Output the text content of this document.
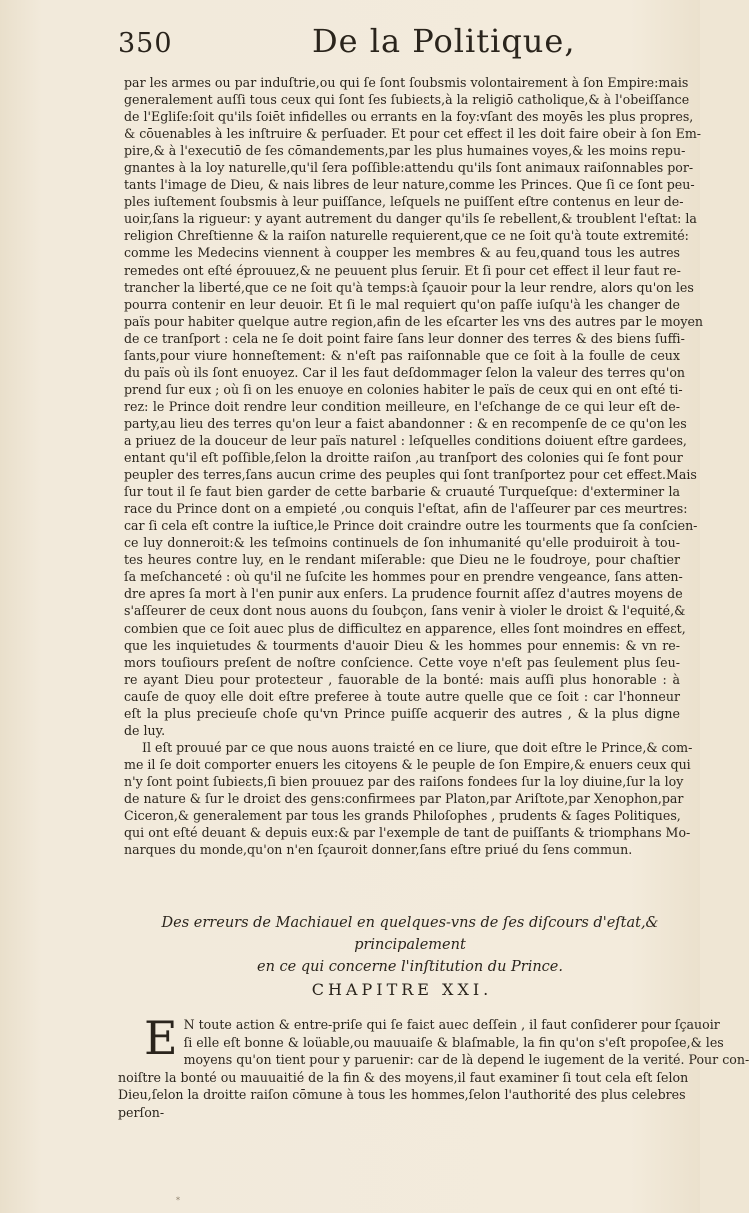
350	De la Politique,
par les armes ou par induſtrie,ou qui ſe ſont ſoubsmis volontairement à ſon Empire:mais
generalement auſſi tous ceux qui ſont ſes ſubieɛts,à la religiō catholique,& à l'obeiſſance
de l'Egliſe:ſoit qu'ils ſoiēt infidelles ou errants en la foy:vſant des moyēs les plus propres,
& cōuenables à les inſtruire & perſuader. Et pour cet effeɛt il les doit faire obeir à ſon Em-
pire,& à l'executiō de ſes cōmandements,par les plus humaines voyes,& les moins repu-
gnantes à la loy naturelle,qu'il ſera poſſible:attendu qu'ils ſont animaux raiſonnables por-
tants l'image de Dieu, & nais libres de leur nature,comme les Princes. Que ſi ce ſont peu-
ples iuſtement ſoubsmis à leur puiſſance, leſquels ne puiſſent eſtre contenus en leur de-
uoir,ſans la rigueur: y ayant autrement du danger qu'ils ſe rebellent,& troublent l'eſtat: la
religion Chreſtienne & la raiſon naturelle requierent,que ce ne ſoit qu'à toute extremité:
comme les Medecins viennent à coupper les membres & au feu,quand tous les autres
remedes ont eſté éprouuez,& ne peuuent plus ſeruir. Et ſi pour cet effeɛt il leur faut re-
trancher la liberté,que ce ne ſoit qu'à temps:à ſçauoir pour la leur rendre, alors qu'on les
pourra contenir en leur deuoir. Et ſi le mal requiert qu'on paſſe iuſqu'à les changer de
païs pour habiter quelque autre region,afin de les eſcarter les vns des autres par le moyen
de ce tranſport : cela ne ſe doit point faire ſans leur donner des terres & des biens ſuffi-
ſants,pour viure honneſtement: & n'eſt pas raiſonnable que ce ſoit à la foulle de ceux
du païs où ils ſont enuoyez. Car il les faut deſdommager ſelon la valeur des terres qu'on
prend ſur eux ; où ſi on les enuoye en colonies habiter le païs de ceux qui en ont eſté ti-
rez: le Prince doit rendre leur condition meilleure, en l'eſchange de ce qui leur eſt de-
party,au lieu des terres qu'on leur a faiɛt abandonner : & en recompenſe de ce qu'on les
a priuez de la douceur de leur païs naturel : leſquelles conditions doiuent eſtre gardees,
entant qu'il eſt poſſible,ſelon la droitte raiſon ,au tranſport des colonies qui ſe font pour
peupler des terres,ſans aucun crime des peuples qui ſont tranſportez pour cet effeɛt.Mais
ſur tout il ſe faut bien garder de cette barbarie & cruauté Turqueſque: d'exterminer la
race du Prince dont on a empieté ,ou conquis l'eſtat, afin de l'aſſeurer par ces meurtres:
car ſi cela eſt contre la iuſtice,le Prince doit craindre outre les tourments que ſa conſcien-
ce luy donneroit:& les teſmoins continuels de ſon inhumanité qu'elle produiroit à tou-
tes heures contre luy, en le rendant miſerable: que Dieu ne le foudroye, pour chaſtier
ſa meſchanceté : où qu'il ne ſuſcite les hommes pour en prendre vengeance, ſans atten-
dre apres ſa mort à l'en punir aux enſers. La prudence fournit aſſez d'autres moyens de
s'aſſeurer de ceux dont nous auons du ſoubçon, ſans venir à violer le droiɛt & l'equité,&
combien que ce ſoit auec plus de difficultez en apparence, elles ſont moindres en effeɛt,
que les inquietudes & tourments d'auoir Dieu & les hommes pour ennemis: & vn re-
mors touſiours preſent de noſtre conſcience. Cette voye n'eſt pas ſeulement plus ſeu-
re ayant Dieu pour proteɛteur , fauorable de la bonté: mais auſſi plus honorable : à
cauſe de quoy elle doit eſtre preferee à toute autre quelle que ce ſoit : car l'honneur
eſt la plus precieuſe choſe qu'vn Prince puiſſe acquerir des autres , & la plus digne
de luy.
Il eſt prouué par ce que nous auons traiɛté en ce liure, que doit eſtre le Prince,& com-
me il ſe doit comporter enuers les citoyens & le peuple de ſon Empire,& enuers ceux qui
n'y ſont point ſubieɛts,ſi bien prouuez par des raiſons fondees ſur la loy diuine,ſur la loy
de nature & ſur le droiɛt des gens:confirmees par Platon,par Ariſtote,par Xenophon,par
Ciceron,& generalement par tous les grands Philoſophes , prudents & ſages Politiques,
qui ont eſté deuant & depuis eux:& par l'exemple de tant de puiſſants & triomphans Mo-
narques du monde,qu'on n'en ſçauroit donner,ſans eſtre priué du ſens commun.
Des erreurs de Machiauel en quelques-vns de ſes diſcours d'eſtat,& principalement
en ce qui concerne l'inſtitution du Prince.
CHAPITRE XXI.
E N toute aɛtion & entre-priſe qui ſe faiɛt auec deſſein , il faut conſiderer pour ſçauoir
ſi elle eſt bonne & loüable,ou mauuaiſe & blaſmable, la fin qu'on s'eſt propoſee,& les
moyens qu'on tient pour y paruenir: car de là depend le iugement de la verité. Pour con-
noiſtre la bonté ou mauuaitié de la fin & des moyens,il faut examiner ſi tout cela eſt ſelon
Dieu,ſelon la droitte raiſon cōmune à tous les hommes,ſelon l'authorité des plus celebres
perſon-
*
